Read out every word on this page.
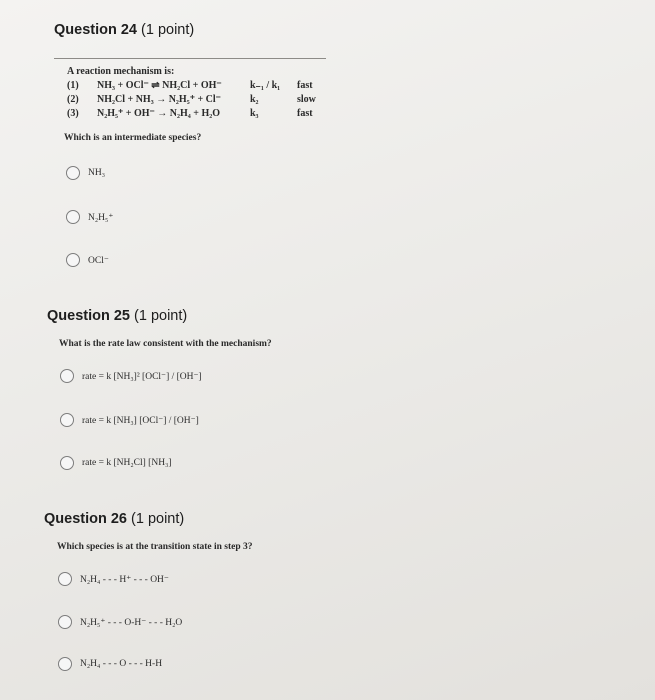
Question 24 (1 point)
A reaction mechanism is:
(1) NH₃ + OCl⁻ ⇌ NH₂Cl + OH⁻	k₋₁ / k₁ fast
(2) NH₂Cl + NH₃ → N₂H₅⁺ + Cl⁻	k₂	slow
(3) N₂H₅⁺ + OH⁻ → N₂H₄ + H₂O	k₃	fast
Which is an intermediate species?
NH₃
N₂H₅⁺
OCl⁻
Question 25 (1 point)
What is the rate law consistent with the mechanism?
rate = k [NH₃]² [OCl⁻] / [OH⁻]
rate = k [NH₃] [OCl⁻] / [OH⁻]
rate = k [NH₂Cl] [NH₃]
Question 26 (1 point)
Which species is at the transition state in step 3?
N₂H₄ - - - H⁺ - - - OH⁻
N₂H₅⁺ - - - O-H⁻ - - - H₂O
N₂H₄ - - - O - - - H-H
